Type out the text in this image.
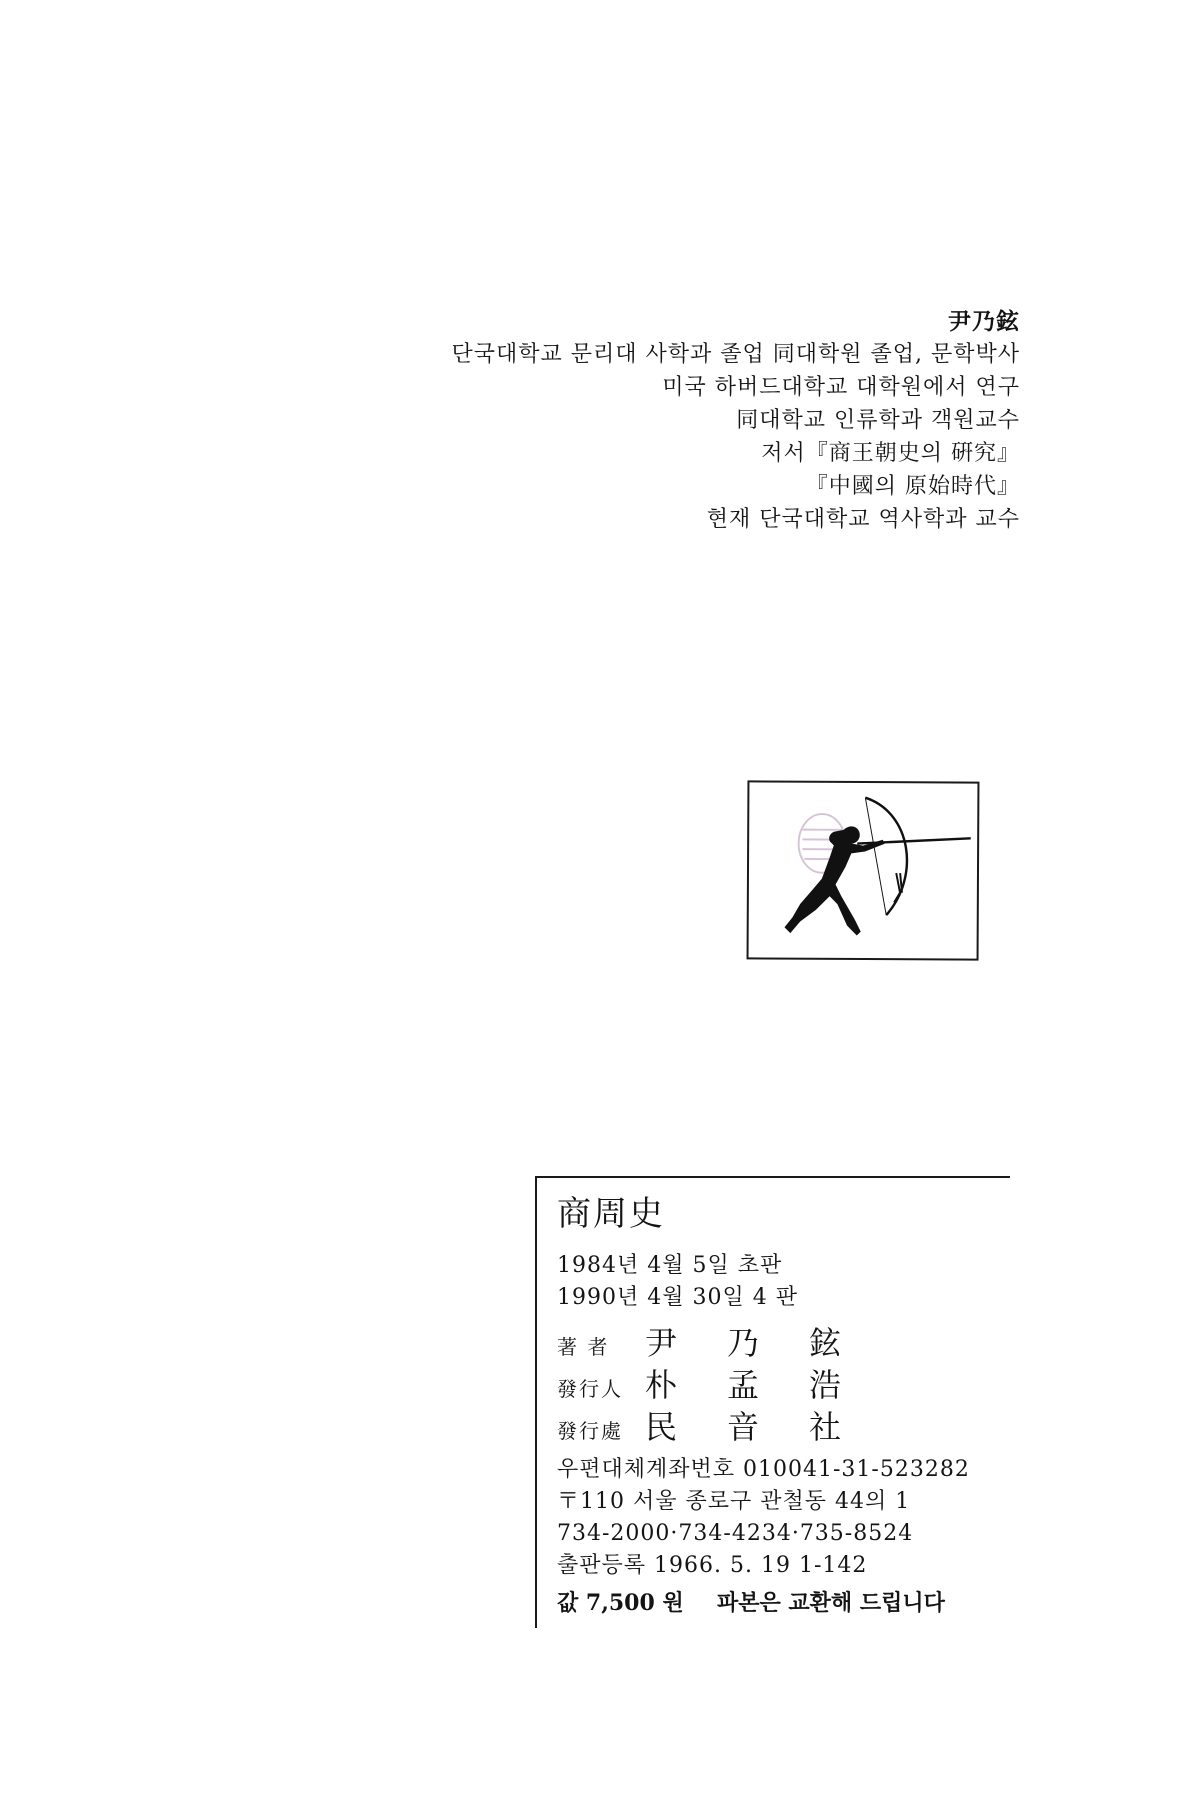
尹乃鉉
단국대학교 문리대 사학과 졸업 同대학원 졸업, 문학박사
미국 하버드대학교 대학원에서 연구
同대학교 인류학과 객원교수
저서『商王朝史의 硏究』
『中國의 原始時代』
현재 단국대학교 역사학과 교수
商周史
1984년 4월 5일 초판
1990년 4월 30일 4 판
著 者	尹乃鉉
發行人 朴孟浩
發行處 民音社
우편대체계좌번호 010041-31-523282
〒110 서울 종로구 관철동 44의 1
734-2000·734-4234·735-8524
출판등록 1966. 5. 19 1-142
값 7,500 원	파본은 교환해 드립니다
